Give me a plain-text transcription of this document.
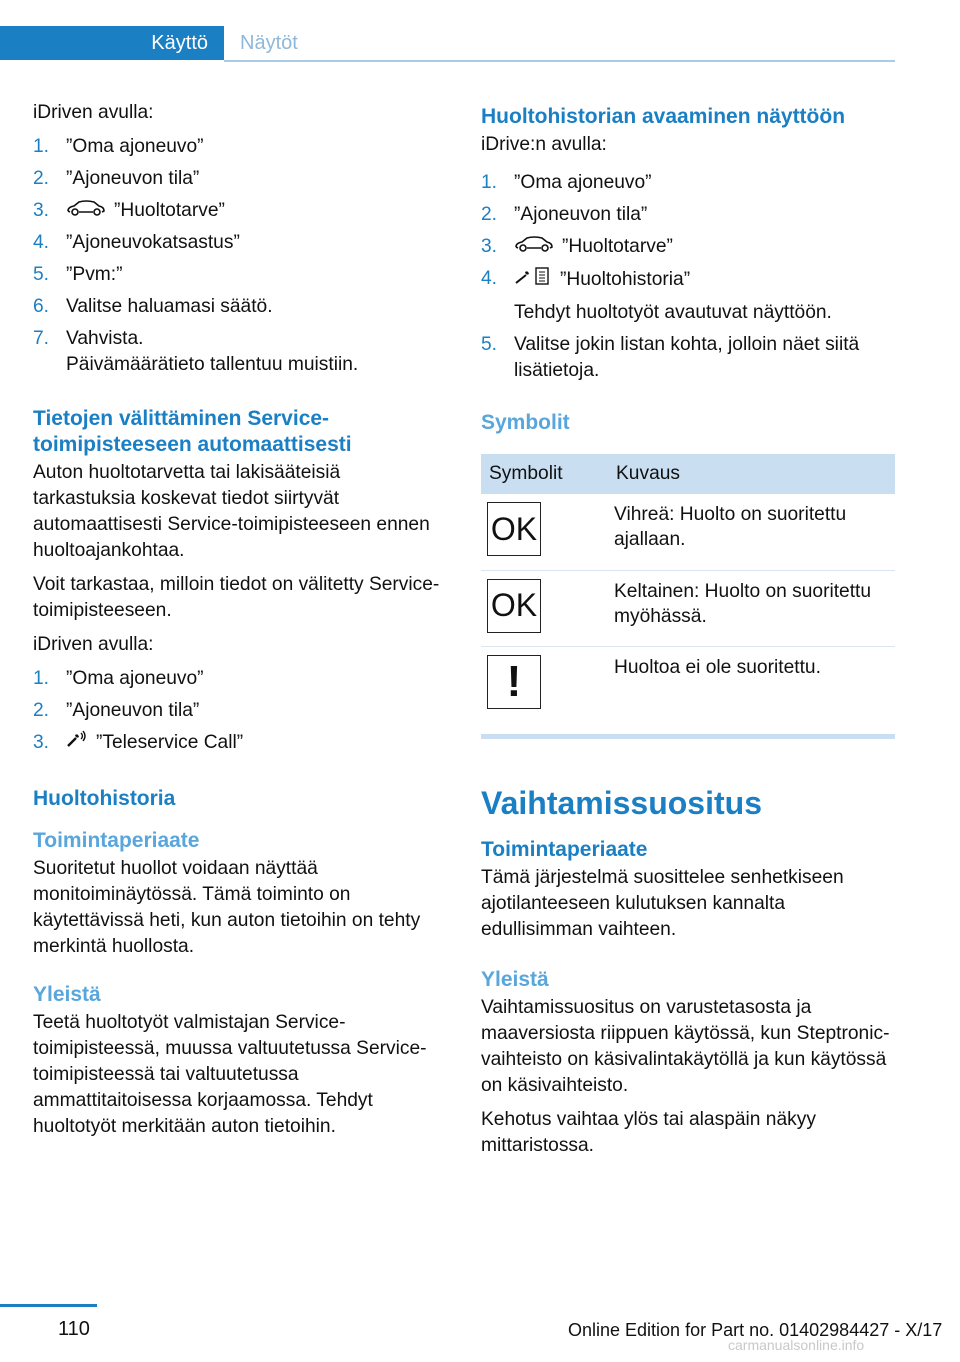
Käyttö	Näytöt

iDriven avulla:

1. ”Oma ajoneuvo”
2. ”Ajoneuvon tila”
3.	”Huoltotarve”
4. ”Ajoneuvokatsastus”
5. ”Pvm:”
6. Valitse haluamasi säätö.
7. Vahvista.
Päivämäärätieto tallentuu muistiin.
Tietojen välittäminen Service-toimipisteeseen automaattisesti

Auton huoltotarvetta tai lakisääteisiä tarkastuksia koskevat tiedot siirtyvät automaattisesti Service-toimipisteeseen ennen huoltoajankohtaa.

Voit tarkastaa, milloin tiedot on välitetty Service-toimipisteeseen.

iDriven avulla:

1. ”Oma ajoneuvo”
2. ”Ajoneuvon tila”
3. ”Teleservice Call”
Huoltohistoria
Toimintaperiaate

Suoritetut huollot voidaan näyttää monitoiminäytössä. Tämä toiminto on käytettävissä heti, kun auton tietoihin on tehty merkintä huollosta.

Yleistä

Teetä huoltotyöt valmistajan Service-toimipisteessä, muussa valtuutetussa Service-toimipisteessä tai valtuutetussa ammattitaitoisessa korjaamossa. Tehdyt huoltotyöt merkitään auton tietoihin.

Huoltohistorian avaaminen näyttöön

iDrive:n avulla:

1. ”Oma ajoneuvo”
2. ”Ajoneuvon tila”
3.	”Huoltotarve”
4.	”Huoltohistoria”
Tehdyt huoltotyöt avautuvat näyttöön.
5. Valitse jokin listan kohta, jolloin näet siitä lisätietoja.
Symbolit
Symbolit	Kuvaus

OK	Vihreä: Huolto on suoritettu ajallaan.

OK	Keltainen: Huolto on suoritettu myöhässä.

!	Huoltoa ei ole suoritettu.
Vaihtamissuositus
Toimintaperiaate

Tämä järjestelmä suosittelee senhetkiseen ajotilanteeseen kulutuksen kannalta edullisimman vaihteen.

Yleistä

Vaihtamissuositus on varustetasosta ja maaversiosta riippuen käytössä, kun Steptronic-vaihteisto on käsivalintakäytöllä ja kun käytössä on käsivaihteisto.

Kehotus vaihtaa ylös tai alaspäin näkyy mittaristossa.

110	Online Edition for Part no. 01402984427 - X/17
carmanualsonline.info
